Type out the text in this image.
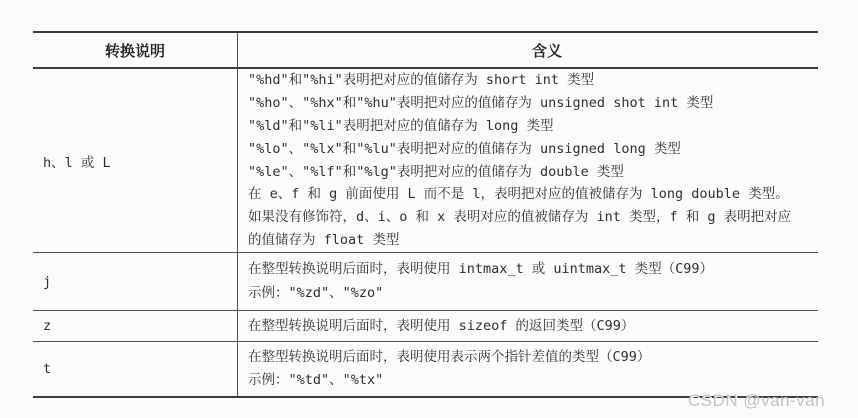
转换说明	含义
h、l 或 L
"%hd"和"%hi"表明把对应的值储存为 short int 类型
"%ho"、"%hx"和"%hu"表明把对应的值储存为 unsigned shot int 类型
"%ld"和"%li"表明把对应的值储存为 long 类型
"%lo"、"%lx"和"%lu"表明把对应的值储存为 unsigned long 类型
"%le"、"%lf"和"%lg"表明把对应的值储存为 double 类型
在 e、f 和 g 前面使用 L 而不是 l，表明把对应的值被储存为 long double 类型。
如果没有修饰符，d、i、o 和 x 表明对应的值被储存为 int 类型，f 和 g 表明把对应
的值储存为 float 类型
j
在整型转换说明后面时，表明使用 intmax_t 或 uintmax_t 类型（C99）
示例："%zd"、"%zo"
z	在整型转换说明后面时，表明使用 sizeof 的返回类型（C99）
t
在整型转换说明后面时，表明使用表示两个指针差值的类型（C99）
示例："%td"、"%tx"
CSDN @van-van
